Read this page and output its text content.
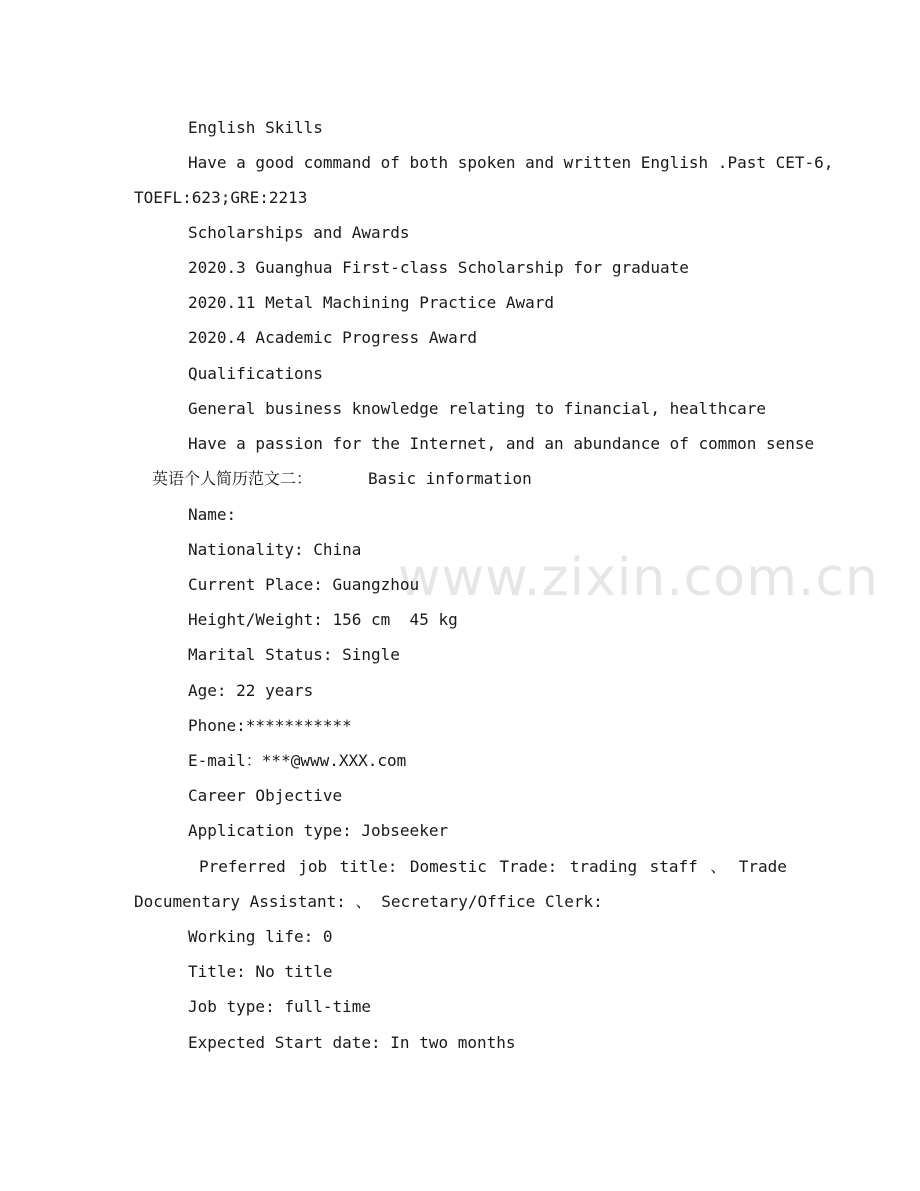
www.zixin.com.cn
English Skills
Have a good command of both spoken and written English .Past CET-6,
TOEFL:623;GRE:2213
Scholarships and Awards
2020.3 Guanghua First-class Scholarship for graduate
2020.11 Metal Machining Practice Award
2020.4 Academic Progress Award
Qualifications
General business knowledge relating to financial, healthcare
Have a passion for the Internet, and an abundance of common sense
英语个人简历范文二：	Basic information
Name:
Nationality: China
Current Place: Guangzhou
Height/Weight: 156 cm  45 kg
Marital Status: Single
Age: 22 years
Phone:***********
E-mail：***@www.XXX.com
Career Objective
Application type: Jobseeker
Preferred job title: Domestic Trade: trading staff 、 Trade
Documentary Assistant: 、 Secretary/Office Clerk:
Working life: 0
Title: No title
Job type: full-time
Expected Start date: In two months
